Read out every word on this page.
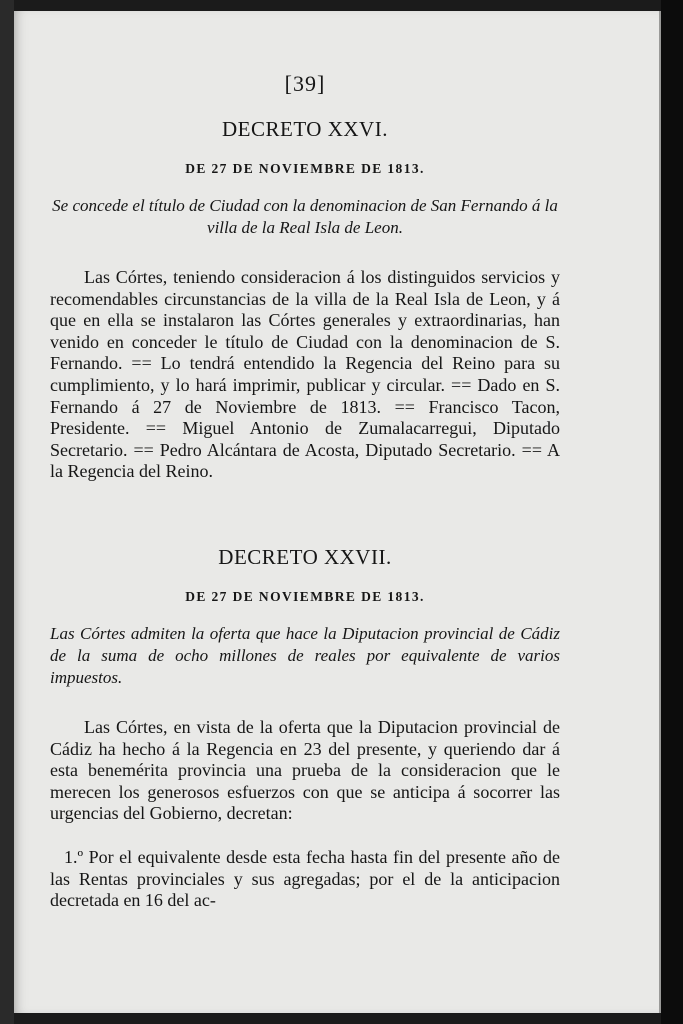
[39]
DECRETO XXVI.
DE 27 DE NOVIEMBRE DE 1813.
Se concede el título de Ciudad con la denominacion de San Fernando á la villa de la Real Isla de Leon.
Las Córtes, teniendo consideracion á los distinguidos servicios y recomendables circunstancias de la villa de la Real Isla de Leon, y á que en ella se instalaron las Córtes generales y extraordinarias, han venido en conceder le título de Ciudad con la denominacion de S. Fernando. == Lo tendrá entendido la Regencia del Reino para su cumplimiento, y lo hará imprimir, publicar y circular. == Dado en S. Fernando á 27 de Noviembre de 1813. == Francisco Tacon, Presidente. == Miguel Antonio de Zumalacarregui, Diputado Secretario. == Pedro Alcántara de Acosta, Diputado Secretario. == A la Regencia del Reino.
DECRETO XXVII.
DE 27 DE NOVIEMBRE DE 1813.
Las Córtes admiten la oferta que hace la Diputacion provincial de Cádiz de la suma de ocho millones de reales por equivalente de varios impuestos.
Las Córtes, en vista de la oferta que la Diputacion provincial de Cádiz ha hecho á la Regencia en 23 del presente, y queriendo dar á esta benemérita provincia una prueba de la consideracion que le merecen los generosos esfuerzos con que se anticipa á socorrer las urgencias del Gobierno, decretan:
1.º Por el equivalente desde esta fecha hasta fin del presente año de las Rentas provinciales y sus agregadas; por el de la anticipacion decretada en 16 del ac-
